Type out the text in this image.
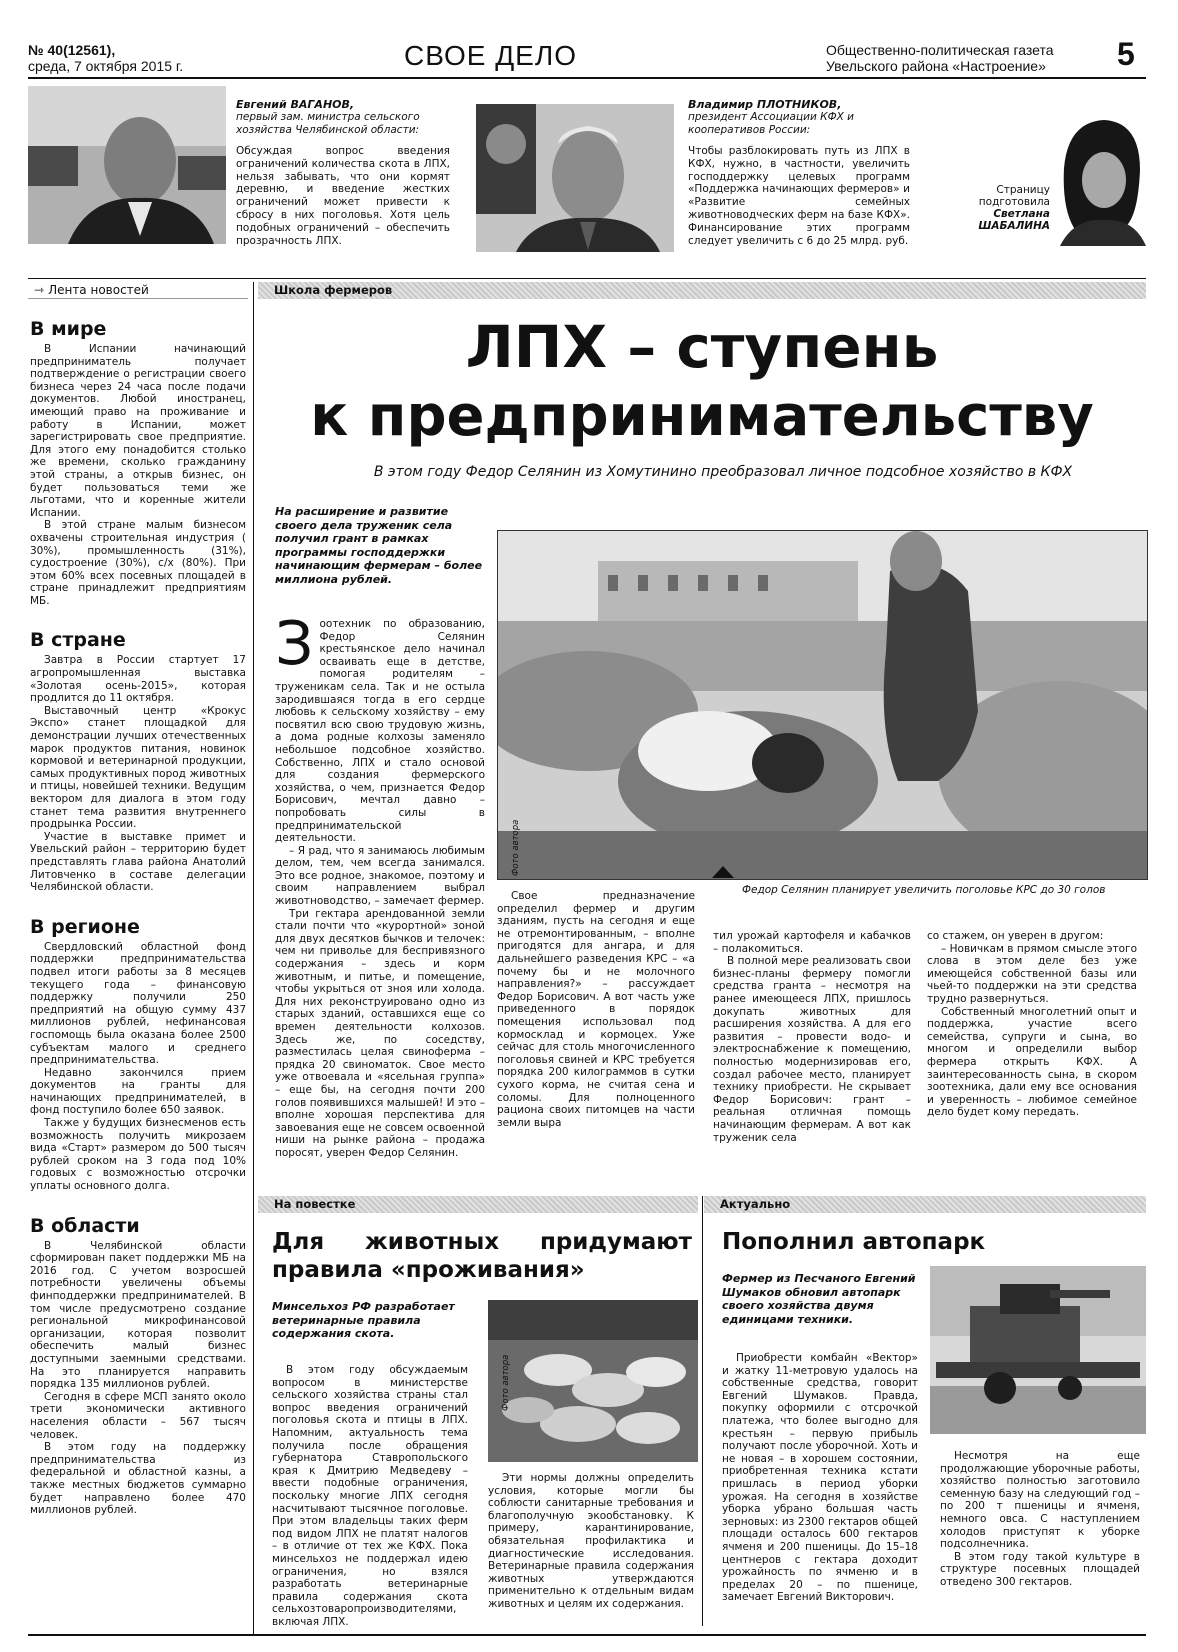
№ 40(12561),
среда, 7 октября 2015 г.	СВОЕ ДЕЛО	Общественно-политическая газета
Увельского района «Настроение» 5
Евгений ВАГАНОВ,
первый зам. министра сельского хозяйства Челябинской области:
Обсуждая вопрос введения ограничений количества скота в ЛПХ, нельзя забывать, что они кормят деревню, и введение жестких ограничений может привести к сбросу в них поголовья. Хотя цель подобных ограничений – обеспечить прозрачность ЛПХ.
Владимир ПЛОТНИКОВ,
президент Ассоциации КФХ и кооперативов России:
Чтобы разблокировать путь из ЛПХ в КФХ, нужно, в частности, увеличить господдержку целевых программ «Поддержка начинающих фермеров» и «Развитие семейных животноводческих ферм на базе КФХ». Финансирование этих программ следует увеличить с 6 до 25 млрд. руб.
Страницу
подготовила
Светлана
ШАБАЛИНА
⇾ Лента новостей
В мире

В Испании начинающий предприниматель получает подтверждение о регистрации своего бизнеса через 24 часа после подачи документов. Любой иностранец, имеющий право на проживание и работу в Испании, может зарегистрировать свое предприятие. Для этого ему понадобится столько же времени, сколько гражданину этой страны, а открыв бизнес, он будет пользоваться теми же льготами, что и коренные жители Испании.

В этой стране малым бизнесом охвачены строительная индустрия ( 30%), промышленность (31%), судостроение (30%), с/х (80%). При этом 60% всех посевных площадей в стране принадлежит предприятиям МБ.

В стране

Завтра в России стартует 17 агропромышленная выставка «Золотая осень-2015», которая продлится до 11 октября.

Выставочный центр «Крокус Экспо» станет площадкой для демонстрации лучших отечественных марок продуктов питания, новинок кормовой и ветеринарной продукции, самых продуктивных пород животных и птицы, новейшей техники. Ведущим вектором для диалога в этом году станет тема развития внутреннего продрынка России.

Участие в выставке примет и Увельский район – территорию будет представлять глава района Анатолий Литовченко в составе делегации Челябинской области.

В регионе

Свердловский областной фонд поддержки предпринимательства подвел итоги работы за 8 месяцев текущего года – финансовую поддержку получили 250 предприятий на общую сумму 437 миллионов рублей, нефинансовая госпомощь была оказана более 2500 субъектам малого и среднего предпринимательства.

Недавно закончился прием документов на гранты для начинающих предпринимателей, в фонд поступило более 650 заявок.

Также у будущих бизнесменов есть возможность получить микрозаем вида «Старт» размером до 500 тысяч рублей сроком на 3 года под 10% годовых с возможностью отсрочки уплаты основного долга.

В области

В Челябинской области сформирован пакет поддержки МБ на 2016 год. С учетом возросшей потребности увеличены объемы финподдержки предпринимателей. В том числе предусмотрено создание региональной микрофинансовой организации, которая позволит обеспечить малый бизнес доступными заемными средствами. На это планируется направить порядка 135 миллионов рублей.

Сегодня в сфере МСП занято около трети экономически активного населения области – 567 тысяч человек.

В этом году на поддержку предпринимательства из федеральной и областной казны, а также местных бюджетов суммарно будет направлено более 470 миллионов рублей.

Школа фермеров
ЛПХ – ступень
к предпринимательству
В этом году Федор Селянин из Хомутинино преобразовал личное подсобное хозяйство в КФХ
На расширение и развитие своего дела труженик села получил грант в рамках программы господдержки начинающим фермерам – более миллиона рублей.

Зоотехник по образованию, Федор Селянин крестьянское дело начинал осваивать еще в детстве, помогая родителям – труженикам села. Так и не остыла зародившаяся тогда в его сердце любовь к сельскому хозяйству – ему посвятил всю свою трудовую жизнь, а дома родные колхозы заменяло небольшое подсобное хозяйство. Собственно, ЛПХ и стало основой для создания фермерского хозяйства, о чем, признается Федор Борисович, мечтал давно – попробовать силы в предпринимательской деятельности.

– Я рад, что я занимаюсь любимым делом, тем, чем всегда занимался. Это все родное, знакомое, поэтому и своим направлением выбрал животноводство, – замечает фермер.

Три гектара арендованной земли стали почти что «курортной» зоной для двух десятков бычков и телочек: чем ни приволье для беспривязного содержания – здесь и корм животным, и питье, и помещение, чтобы укрыться от зноя или холода. Для них реконструировано одно из старых зданий, оставшихся еще со времен деятельности колхозов. Здесь же, по соседству, разместилась целая свиноферма – прядка 20 свиноматок. Свое место уже отвоевала и «ясельная группа» – еще бы, на сегодня почти 200 голов появившихся малышей! И это – вполне хорошая перспектива для завоевания еще не совсем освоенной ниши на рынке района – продажа поросят, уверен Федор Селянин.

Фото автора
Федор Селянин планирует увеличить поголовье КРС до 30 голов

Свое предназначение определил фермер и другим зданиям, пусть на сегодня и еще не отремонтированным, – вполне пригодятся для ангара, и для дальнейшего разведения КРС – «а почему бы и не молочного направления?» – рассуждает Федор Борисович. А вот часть уже приведенного в порядок помещения использовал под кормосклад и кормоцех. Уже сейчас для столь многочисленного поголовья свиней и КРС требуется порядка 200 килограммов в сутки сухого корма, не считая сена и соломы. Для полноценного рациона своих питомцев на части земли выра

тил урожай картофеля и кабачков – полакомиться.

В полной мере реализовать свои бизнес-планы фермеру помогли средства гранта – несмотря на ранее имеющееся ЛПХ, пришлось докупать животных для расширения хозяйства. А для его развития – провести водо- и электроснабжение к помещению, полностью модернизировав его, создал рабочее место, планирует технику приобрести. Не скрывает Федор Борисович: грант – реальная отличная помощь начинающим фермерам. А вот как труженик села

со стажем, он уверен в другом:

– Новичкам в прямом смысле этого слова в этом деле без уже имеющейся собственной базы или чьей-то поддержки на эти средства трудно развернуться.

Собственный многолетний опыт и поддержка, участие всего семейства, супруги и сына, во многом и определили выбор фермера открыть КФХ. А заинтересованность сына, в скором зоотехника, дали ему все основания и уверенность – любимое семейное дело будет кому передать.

На повестке	Актуально
Для животных придумают правила «проживания»
Минсельхоз РФ разработает ветеринарные правила содержания скота.
Фото автора

В этом году обсуждаемым вопросом в министерстве сельского хозяйства страны стал вопрос введения ограничений поголовья скота и птицы в ЛПХ. Напомним, актуальность тема получила после обращения губернатора Ставропольского края к Дмитрию Медведеву – ввести подобные ограничения, поскольку многие ЛПХ сегодня насчитывают тысячное поголовье. При этом владельцы таких ферм под видом ЛПХ не платят налогов – в отличие от тех же КФХ. Пока минсельхоз не поддержал идею ограничения, но взялся разработать ветеринарные правила содержания скота сельхозтоваропроизводителями, включая ЛПХ.

Эти нормы должны определить условия, которые могли бы соблюсти санитарные требования и благополучную экообстановку. К примеру, карантинирование, обязательная профилактика и диагностические исследования. Ветеринарные правила содержания животных утверждаются применительно к отдельным видам животных и целям их содержания.

Пополнил автопарк
Фермер из Песчаного Евгений Шумаков обновил автопарк своего хозяйства двумя единицами техники.

Приобрести комбайн «Вектор» и жатку 11-метровую удалось на собственные средства, говорит Евгений Шумаков. Правда, покупку оформили с отсрочкой платежа, что более выгодно для крестьян – первую прибыль получают после уборочной. Хоть и не новая – в хорошем состоянии, приобретенная техника кстати пришлась в период уборки урожая. На сегодня в хозяйстве уборка убрано большая часть зерновых: из 2300 гектаров общей площади осталось 600 гектаров ячменя и 200 пшеницы. До 15–18 центнеров с гектара доходит урожайность по ячменю и в пределах 20 – по пшенице, замечает Евгений Викторович.

Несмотря на еще продолжающие уборочные работы, хозяйство полностью заготовило семенную базу на следующий год – по 200 т пшеницы и ячменя, немного овса. С наступлением холодов приступят к уборке подсолнечника.

В этом году такой культуре в структуре посевных площадей отведено 300 гектаров.
